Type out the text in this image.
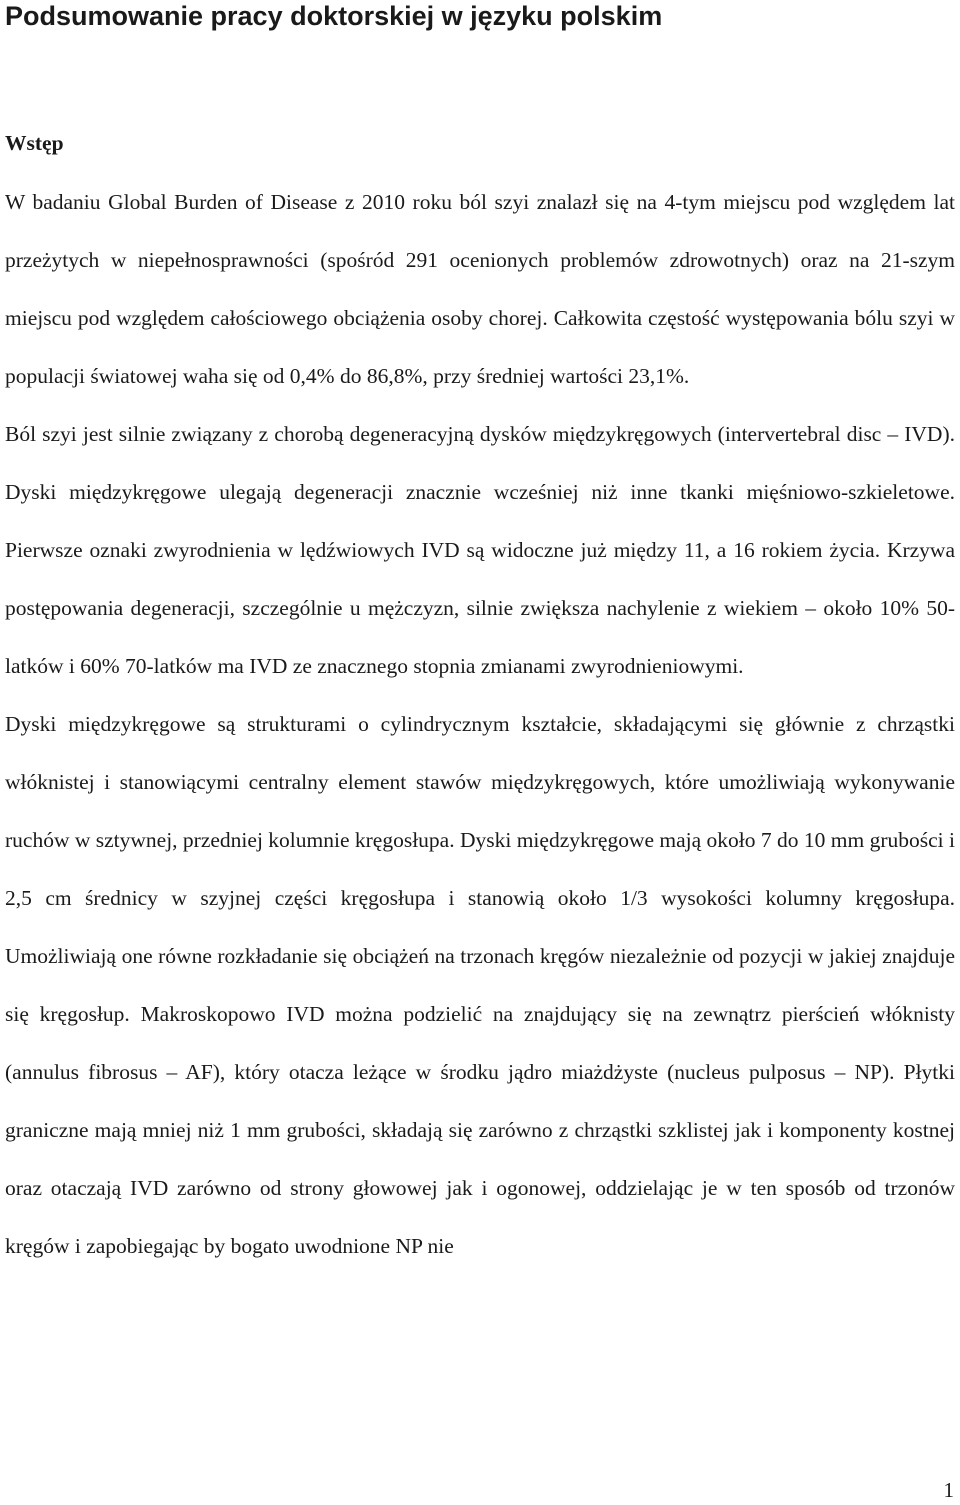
Podsumowanie pracy doktorskiej w języku polskim
Wstęp

W badaniu Global Burden of Disease z 2010 roku ból szyi znalazł się na 4-tym miejscu pod względem lat przeżytych w niepełnosprawności (spośród 291 ocenionych problemów zdrowotnych) oraz na 21-szym miejscu pod względem całościowego obciążenia osoby chorej. Całkowita częstość występowania bólu szyi w populacji światowej waha się od 0,4% do 86,8%, przy średniej wartości 23,1%.

Ból szyi jest silnie związany z chorobą degeneracyjną dysków międzykręgowych (intervertebral disc – IVD). Dyski międzykręgowe ulegają degeneracji znacznie wcześniej niż inne tkanki mięśniowo-szkieletowe. Pierwsze oznaki zwyrodnienia w lędźwiowych IVD są widoczne już między 11, a 16 rokiem życia. Krzywa postępowania degeneracji, szczególnie u mężczyzn, silnie zwiększa nachylenie z wiekiem – około 10% 50-latków i 60% 70-latków ma IVD ze znacznego stopnia zmianami zwyrodnieniowymi.

Dyski międzykręgowe są strukturami o cylindrycznym kształcie, składającymi się głównie z chrząstki włóknistej i stanowiącymi centralny element stawów międzykręgowych, które umożliwiają wykonywanie ruchów w sztywnej, przedniej kolumnie kręgosłupa. Dyski międzykręgowe mają około 7 do 10 mm grubości i 2,5 cm średnicy w szyjnej części kręgosłupa i stanowią około 1/3 wysokości kolumny kręgosłupa. Umożliwiają one równe rozkładanie się obciążeń na trzonach kręgów niezależnie od pozycji w jakiej znajduje się kręgosłup. Makroskopowo IVD można podzielić na znajdujący się na zewnątrz pierścień włóknisty (annulus fibrosus – AF), który otacza leżące w środku jądro miażdżyste (nucleus pulposus – NP). Płytki graniczne mają mniej niż 1 mm grubości, składają się zarówno z chrząstki szklistej jak i komponenty kostnej oraz otaczają IVD zarówno od strony głowowej jak i ogonowej, oddzielając je w ten sposób od trzonów kręgów i zapobiegając by bogato uwodnione NP nie

1
